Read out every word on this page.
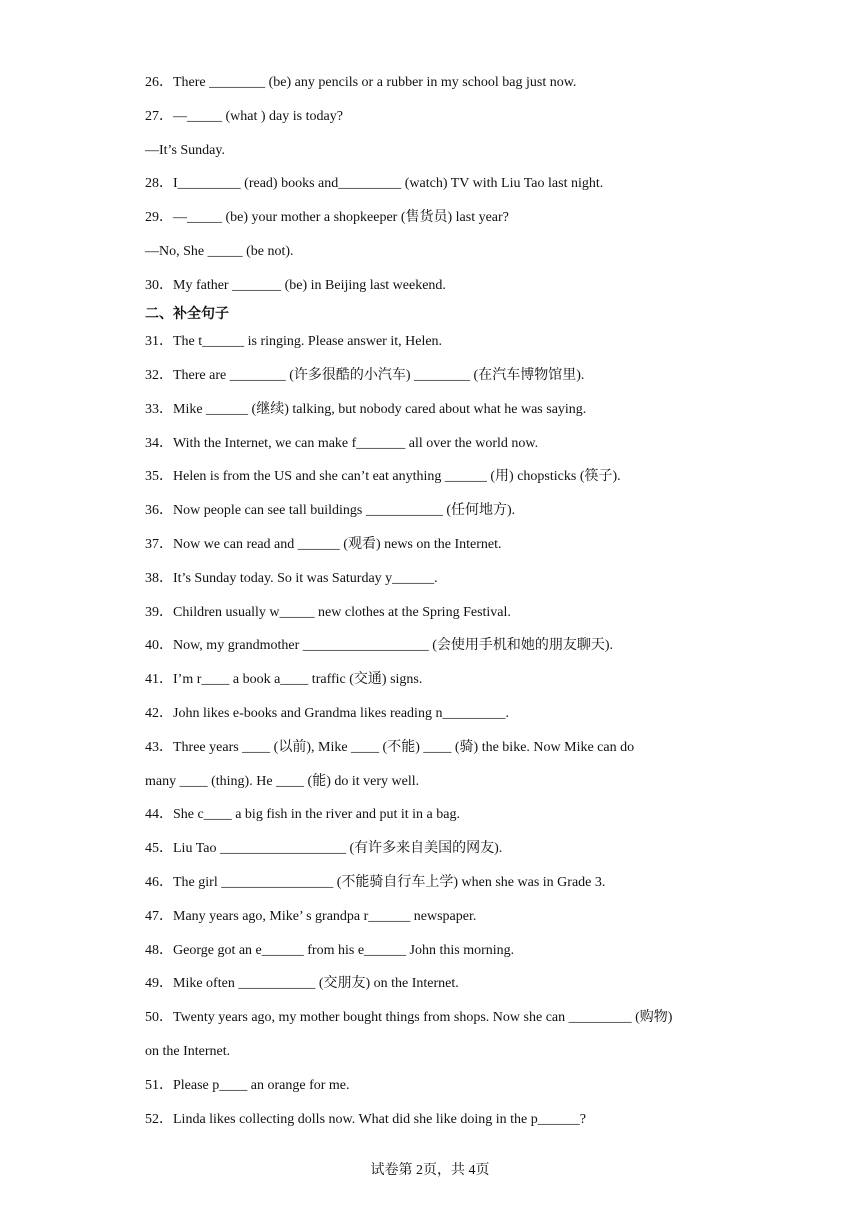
26．There ________ (be) any pencils or a rubber in my school bag just now.
27．—_____ (what ) day is today?
—It’s Sunday.
28．I_________ (read) books and_________ (watch) TV with Liu Tao last night.
29．—_____ (be) your mother a shopkeeper (售货员) last year?
—No, She _____ (be not).
30．My father _______ (be) in Beijing last weekend.
二、补全句子
31．The t______ is ringing. Please answer it, Helen.
32．There are ________ (许多很酷的小汽车) ________ (在汽车博物馆里).
33．Mike ______ (继续) talking, but nobody cared about what he was saying.
34．With the Internet, we can make f_______ all over the world now.
35．Helen is from the US and she can’t eat anything ______ (用) chopsticks (筷子).
36．Now people can see tall buildings ___________ (任何地方).
37．Now we can read and ______ (观看) news on the Internet.
38．It’s Sunday today. So it was Saturday y______.
39．Children usually w_____ new clothes at the Spring Festival.
40．Now, my grandmother __________________ (会使用手机和她的朋友聊天).
41．I’m r____ a book a____ traffic (交通) signs.
42．John likes e-books and Grandma likes reading n_________.
43．Three years ____ (以前), Mike ____ (不能) ____ (骑) the bike. Now Mike can do
many ____ (thing). He ____ (能) do it very well.
44．She c____ a big fish in the river and put it in a bag.
45．Liu Tao __________________ (有许多来自美国的网友).
46．The girl ________________ (不能骑自行车上学) when she was in Grade 3.
47．Many years ago, Mike’ s grandpa r______ newspaper.
48．George got an e______ from his e______ John this morning.
49．Mike often ___________ (交朋友) on the Internet.
50．Twenty years ago, my mother bought things from shops. Now she can _________ (购物)
on the Internet.
51．Please p____ an orange for me.
52．Linda likes collecting dolls now. What did she like doing in the p______?
试卷第 2页，共 4页
